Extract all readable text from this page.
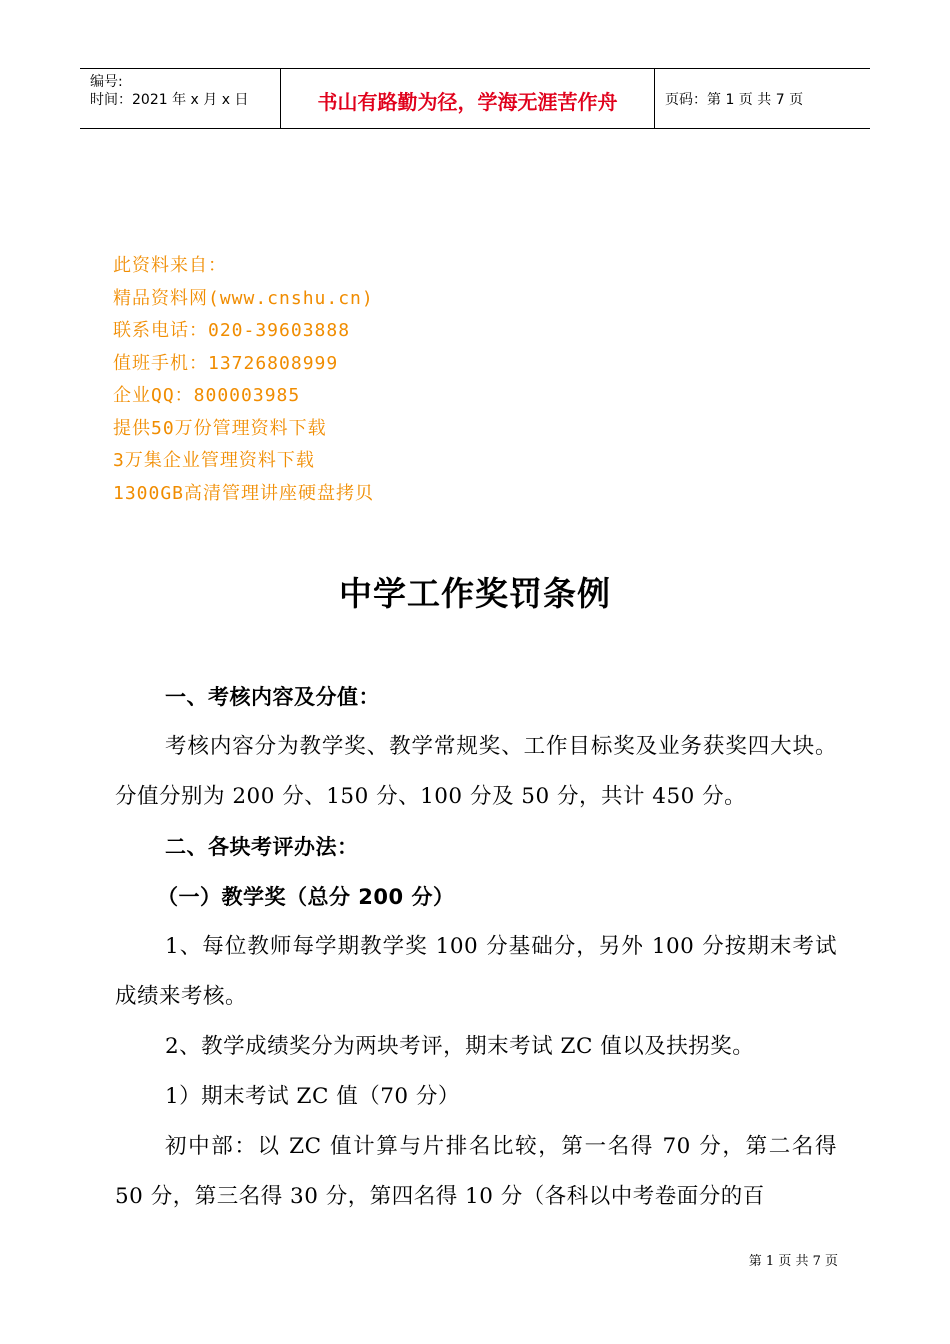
编号:
时间：2021 年 x 月 x 日	书山有路勤为径，学海无涯苦作舟	页码：第 1 页 共 7 页
此资料来自：
精品资料网(www.cnshu.cn)
联系电话：020-39603888
值班手机：13726808999
企业QQ：800003985
提供50万份管理资料下载
3万集企业管理资料下载
1300GB高清管理讲座硬盘拷贝
中学工作奖罚条例

一、考核内容及分值：

考核内容分为教学奖、教学常规奖、工作目标奖及业务获奖四大块。分值分别为 200 分、150 分、100 分及 50 分，共计 450 分。

二、各块考评办法：

（一）教学奖（总分 200 分）

1、每位教师每学期教学奖 100 分基础分，另外 100 分按期末考试成绩来考核。

2、教学成绩奖分为两块考评，期末考试 ZC 值以及扶拐奖。

1）期末考试 ZC 值（70 分）

初中部：以 ZC 值计算与片排名比较，第一名得 70 分，第二名得 50 分，第三名得 30 分，第四名得 10 分（各科以中考卷面分的百

第 1 页 共 7 页
